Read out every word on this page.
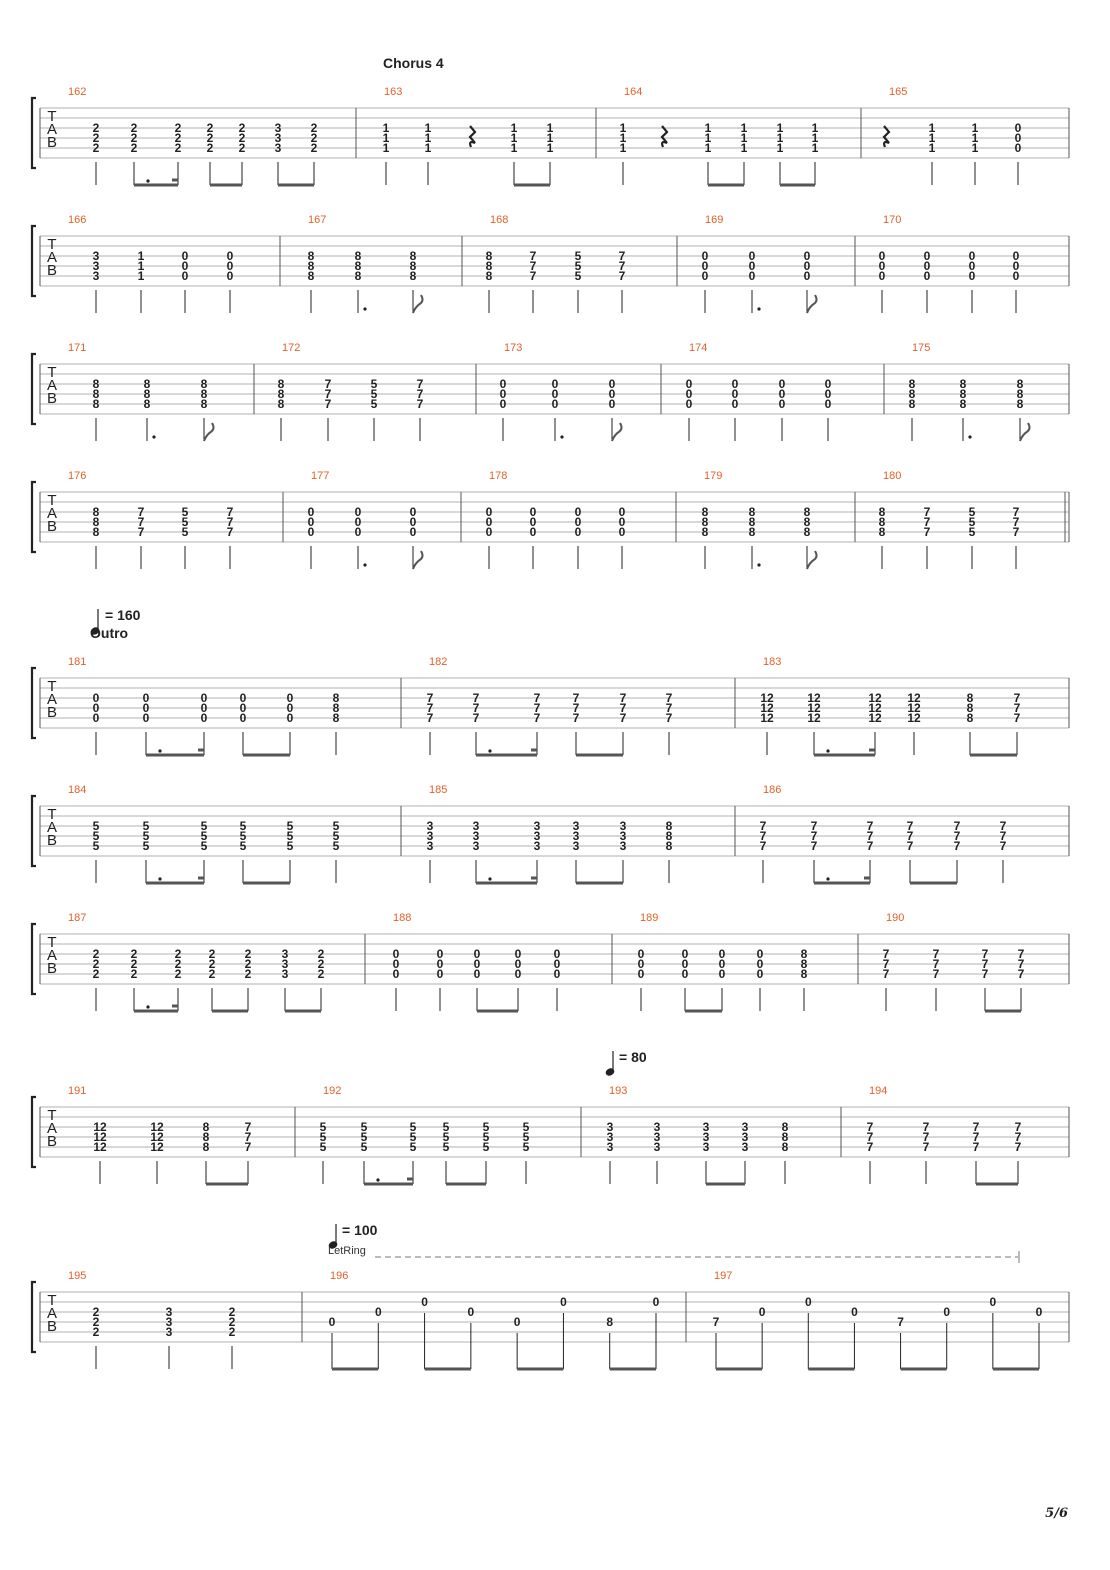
T
A
B
162
2
2
2
2
2
2
2
2
2
2
2
2
2
2
2
3
3
3
2
2
2
163
1
1
1
1
1
1
1
1
1
1
1
1
164
1
1
1
1
1
1
1
1
1
1
1
1
1
1
1
165
1
1
1
1
1
1
0
0
0
T
A
B
166
3
3
3
1
1
1
0
0
0
0
0
0
167
8
8
8
8
8
8
8
8
8
168
8
8
8
7
7
7
5
5
5
7
7
7
169
0
0
0
0
0
0
0
0
0
170
0
0
0
0
0
0
0
0
0
0
0
0
T
A
B
171
8
8
8
8
8
8
8
8
8
172
8
8
8
7
7
7
5
5
5
7
7
7
173
0
0
0
0
0
0
0
0
0
174
0
0
0
0
0
0
0
0
0
0
0
0
175
8
8
8
8
8
8
8
8
8
T
A
B
176
8
8
8
7
7
7
5
5
5
7
7
7
177
0
0
0
0
0
0
0
0
0
178
0
0
0
0
0
0
0
0
0
0
0
0
179
8
8
8
8
8
8
8
8
8
180
8
8
8
7
7
7
5
5
5
7
7
7
T
A
B
181
0
0
0
0
0
0
0
0
0
0
0
0
0
0
0
8
8
8
182
7
7
7
7
7
7
7
7
7
7
7
7
7
7
7
7
7
7
183
12
12
12
12
12
12
12
12
12
12
12
12
8
8
8
7
7
7
T
A
B
184
5
5
5
5
5
5
5
5
5
5
5
5
5
5
5
5
5
5
185
3
3
3
3
3
3
3
3
3
3
3
3
3
3
3
8
8
8
186
7
7
7
7
7
7
7
7
7
7
7
7
7
7
7
7
7
7
T
A
B
187
2
2
2
2
2
2
2
2
2
2
2
2
2
2
2
3
3
3
2
2
2
188
0
0
0
0
0
0
0
0
0
0
0
0
0
0
0
189
0
0
0
0
0
0
0
0
0
0
0
0
8
8
8
190
7
7
7
7
7
7
7
7
7
7
7
7
T
A
B
191
12
12
12
12
12
12
8
8
8
7
7
7
192
5
5
5
5
5
5
5
5
5
5
5
5
5
5
5
5
5
5
193
3
3
3
3
3
3
3
3
3
3
3
3
8
8
8
194
7
7
7
7
7
7
7
7
7
7
7
7
T
A
B
195
2
2
2
3
3
3
2
2
2
196
0
0
0
0
0
0
8
0
197
7
0
0
0
7
0
0
0
Chorus 4
= 160
Outro
= 80
= 100
LetRing
5/6
